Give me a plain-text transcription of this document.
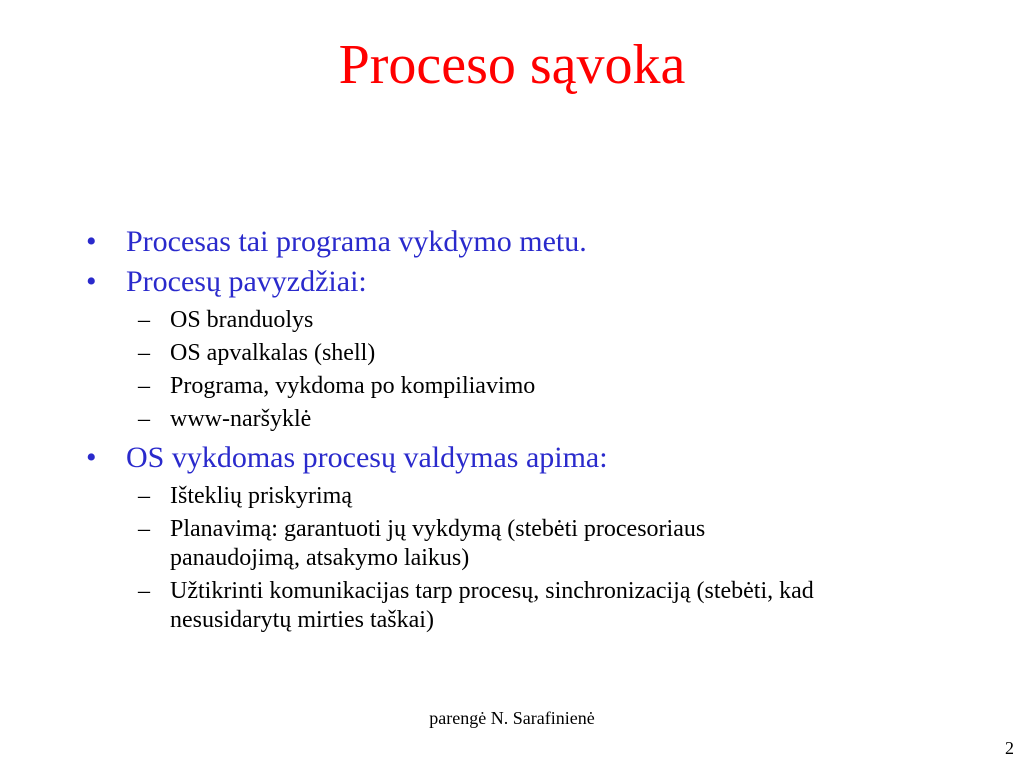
Proceso sąvoka
• Procesas tai programa vykdymo metu.
• Procesų pavyzdžiai:
– OS branduolys
– OS apvalkalas (shell)
– Programa, vykdoma po kompiliavimo
– www-naršyklė
• OS vykdomas procesų valdymas apima:
– Išteklių priskyrimą
– Planavimą: garantuoti jų vykdymą (stebėti procesoriaus panaudojimą, atsakymo laikus)
– Užtikrinti komunikacijas tarp procesų, sinchronizaciją (stebėti, kad nesusidarytų mirties taškai)
parengė N. Sarafinienė
2
